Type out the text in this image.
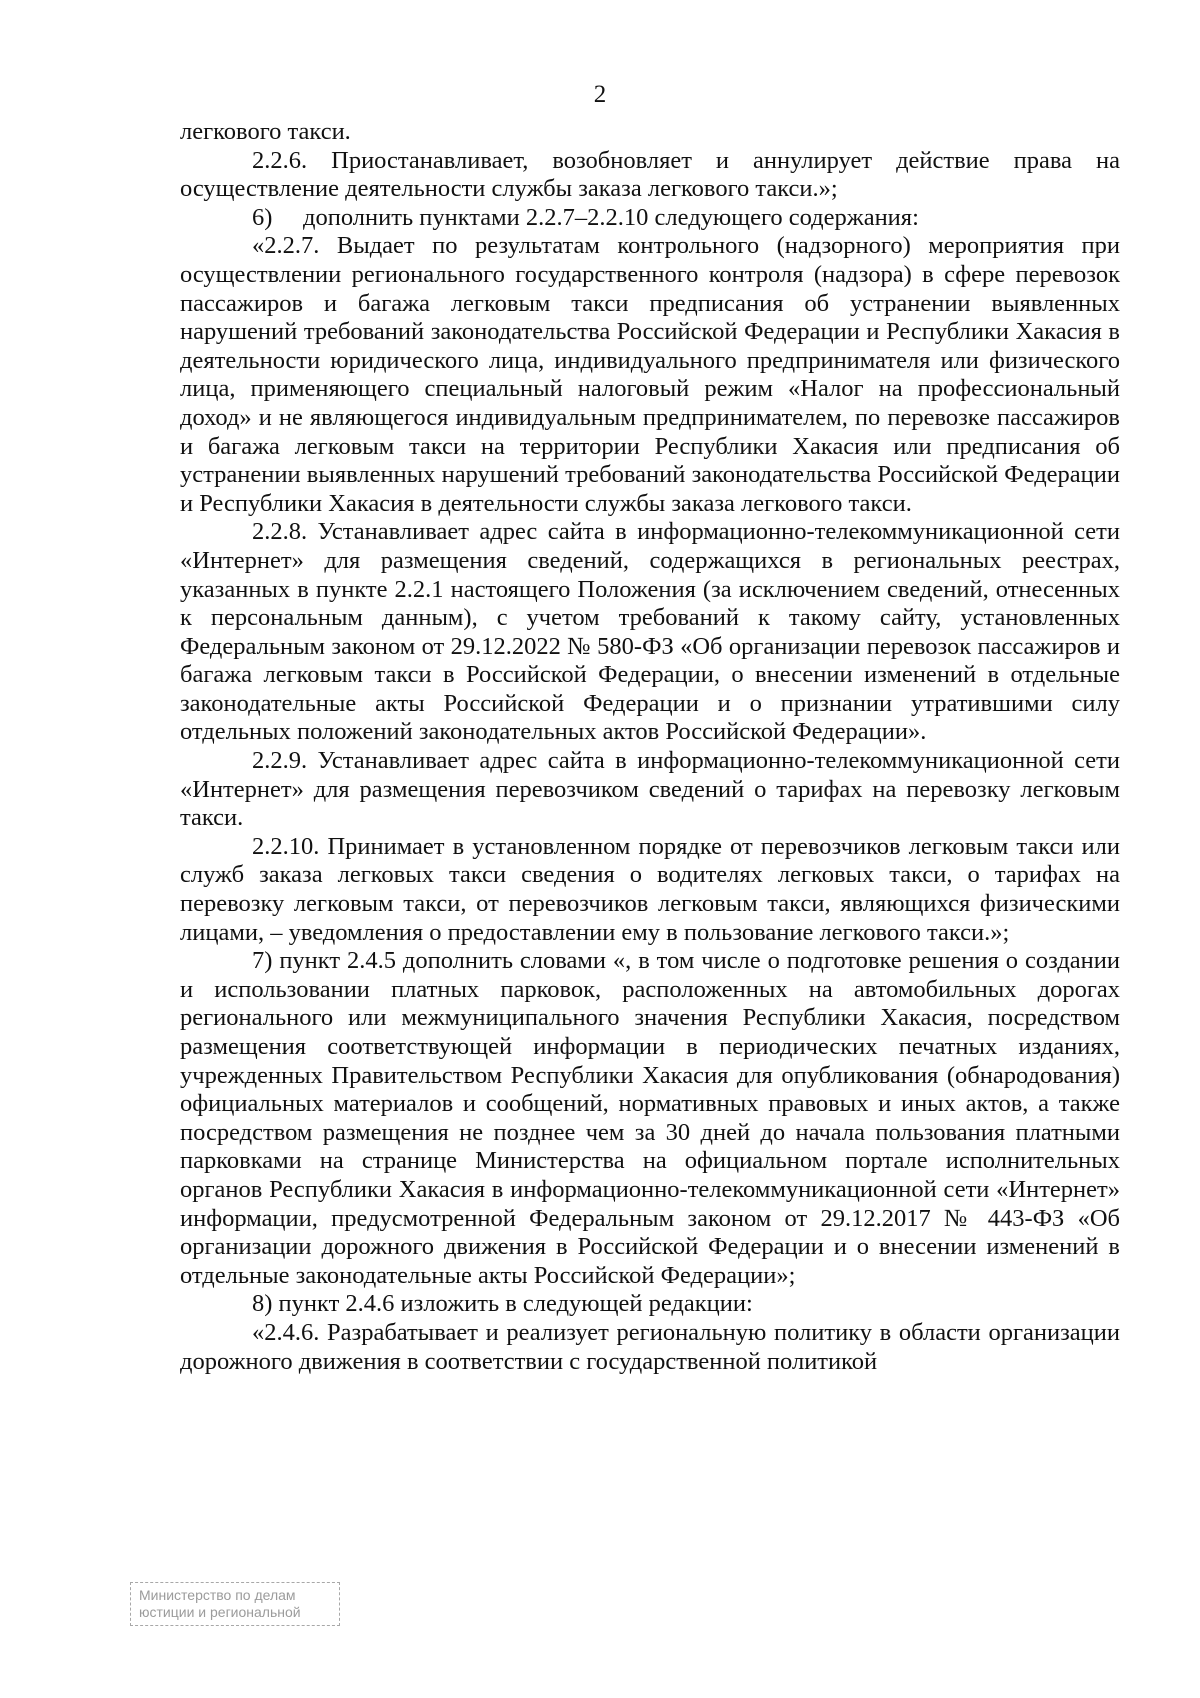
2

легкового такси.

2.2.6. Приостанавливает, возобновляет и аннулирует действие права на осуществление деятельности службы заказа легкового такси.»;

6)  дополнить пунктами 2.2.7–2.2.10 следующего содержания:

«2.2.7. Выдает по результатам контрольного (надзорного) мероприятия при осуществлении регионального государственного контроля (надзора) в сфере перевозок пассажиров и багажа легковым такси предписания об устранении выявленных нарушений требований законодательства Российской Федерации и Республики Хакасия в деятельности юридического лица, индивидуального предпринимателя или физического лица, применяющего специальный налоговый режим «Налог на профессиональный доход» и не являющегося индивидуальным предпринимателем, по перевозке пассажиров и багажа легковым такси на территории Республики Хакасия или предписания об устранении выявленных нарушений требований законодательства Российской Федерации и Республики Хакасия в деятельности службы заказа легкового такси.

2.2.8. Устанавливает адрес сайта в информационно-телекоммуникационной сети «Интернет» для размещения сведений, содержащихся в региональных реестрах, указанных в пункте 2.2.1 настоящего Положения (за исключением сведений, отнесенных к персональным данным), с учетом требований к такому сайту, установленных Федеральным законом от 29.12.2022 № 580-ФЗ «Об организации перевозок пассажиров и багажа легковым такси в Российской Федерации, о внесении изменений в отдельные законодательные акты Российской Федерации и о признании утратившими силу отдельных положений законодательных актов Российской Федерации».

2.2.9. Устанавливает адрес сайта в информационно-телекоммуникационной сети «Интернет» для размещения перевозчиком сведений о тарифах на перевозку легковым такси.

2.2.10. Принимает в установленном порядке от перевозчиков легковым такси или служб заказа легковых такси сведения о водителях легковых такси, о тарифах на перевозку легковым такси, от перевозчиков легковым такси, являющихся физическими лицами, – уведомления о предоставлении ему в пользование легкового такси.»;

7) пункт 2.4.5 дополнить словами «, в том числе о подготовке решения о создании и использовании платных парковок, расположенных на автомобильных дорогах регионального или межмуниципального значения Республики Хакасия, посредством размещения соответствующей информации в периодических печатных изданиях, учрежденных Правительством Республики Хакасия для опубликования (обнародования) официальных материалов и сообщений, нормативных правовых и иных актов, а также посредством размещения не позднее чем за 30 дней до начала пользования платными парковками на странице Министерства на официальном портале исполнительных органов Республики Хакасия в информационно-телекоммуникационной сети «Интернет» информации, предусмотренной Федеральным законом от 29.12.2017 № 443-ФЗ «Об организации дорожного движения в Российской Федерации и о внесении изменений в отдельные законодательные акты Российской Федерации»;

8) пункт 2.4.6 изложить в следующей редакции:

«2.4.6. Разрабатывает и реализует региональную политику в области организации дорожного движения в соответствии с государственной политикой

Министерство по делам
юстиции и региональной
